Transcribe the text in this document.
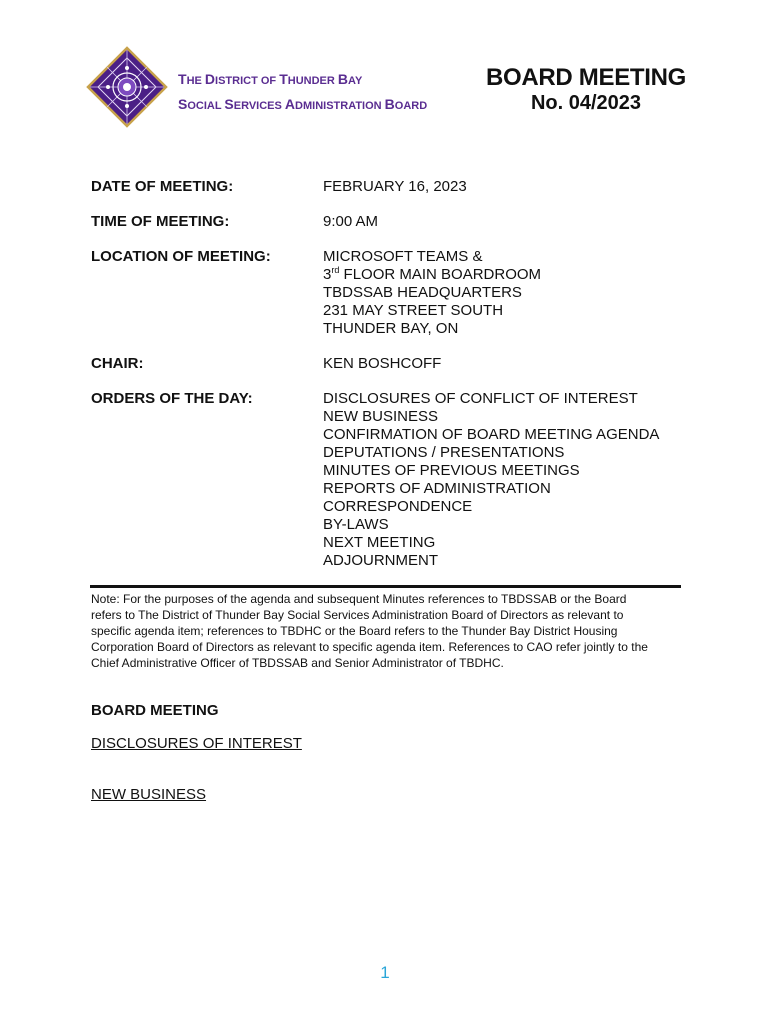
THE DISTRICT OF THUNDER BAY
SOCIAL SERVICES ADMINISTRATION BOARD
BOARD MEETING
No. 04/2023
DATE OF MEETING:	FEBRUARY 16, 2023
TIME OF MEETING:	9:00 AM
LOCATION OF MEETING:	MICROSOFT TEAMS &
3rd FLOOR MAIN BOARDROOM
TBDSSAB HEADQUARTERS
231 MAY STREET SOUTH
THUNDER BAY, ON
CHAIR:	KEN BOSHCOFF
ORDERS OF THE DAY:	DISCLOSURES OF CONFLICT OF INTEREST
NEW BUSINESS
CONFIRMATION OF BOARD MEETING AGENDA
DEPUTATIONS / PRESENTATIONS
MINUTES OF PREVIOUS MEETINGS
REPORTS OF ADMINISTRATION
CORRESPONDENCE
BY-LAWS
NEXT MEETING
ADJOURNMENT
Note: For the purposes of the agenda and subsequent Minutes references to TBDSSAB or the Board
refers to The District of Thunder Bay Social Services Administration Board of Directors as relevant to
specific agenda item; references to TBDHC or the Board refers to the Thunder Bay District Housing
Corporation Board of Directors as relevant to specific agenda item. References to CAO refer jointly to the
Chief Administrative Officer of TBDSSAB and Senior Administrator of TBDHC.
BOARD MEETING
DISCLOSURES OF INTEREST
NEW BUSINESS
1
